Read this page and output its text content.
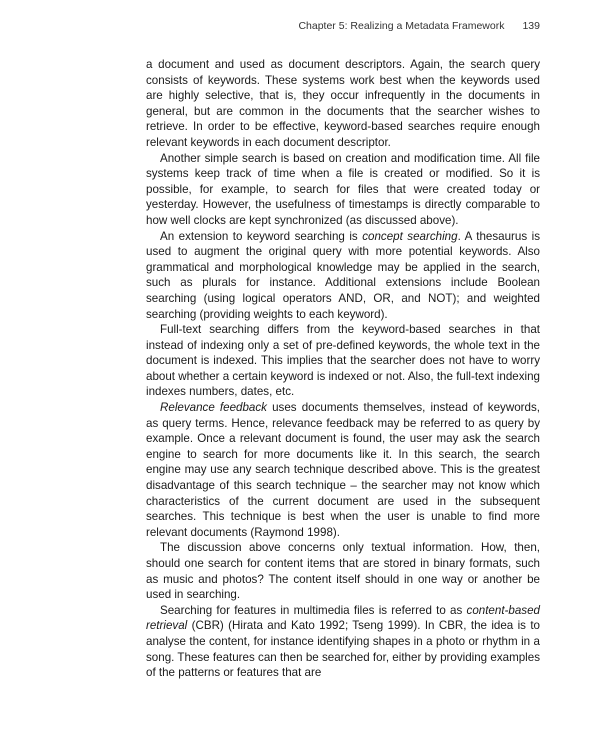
Chapter 5: Realizing a Metadata Framework 139

a document and used as document descriptors. Again, the search query consists of keywords. These systems work best when the keywords used are highly selective, that is, they occur infrequently in the documents in general, but are common in the documents that the searcher wishes to retrieve. In order to be effective, keyword-based searches require enough relevant keywords in each document descriptor.

Another simple search is based on creation and modification time. All file systems keep track of time when a file is created or modified. So it is possible, for example, to search for files that were created today or yesterday. However, the usefulness of timestamps is directly comparable to how well clocks are kept synchronized (as discussed above).

An extension to keyword searching is concept searching. A thesaurus is used to augment the original query with more potential keywords. Also grammatical and morphological knowledge may be applied in the search, such as plurals for instance. Additional extensions include Boolean searching (using logical operators AND, OR, and NOT); and weighted searching (providing weights to each keyword).

Full-text searching differs from the keyword-based searches in that instead of indexing only a set of pre-defined keywords, the whole text in the document is indexed. This implies that the searcher does not have to worry about whether a certain keyword is indexed or not. Also, the full-text indexing indexes numbers, dates, etc.

Relevance feedback uses documents themselves, instead of keywords, as query terms. Hence, relevance feedback may be referred to as query by example. Once a relevant document is found, the user may ask the search engine to search for more documents like it. In this search, the search engine may use any search technique described above. This is the greatest disadvantage of this search technique – the searcher may not know which characteristics of the current document are used in the subsequent searches. This technique is best when the user is unable to find more relevant documents (Raymond 1998).

The discussion above concerns only textual information. How, then, should one search for content items that are stored in binary formats, such as music and photos? The content itself should in one way or another be used in searching.

Searching for features in multimedia files is referred to as content-based retrieval (CBR) (Hirata and Kato 1992; Tseng 1999). In CBR, the idea is to analyse the content, for instance identifying shapes in a photo or rhythm in a song. These features can then be searched for, either by providing examples of the patterns or features that are
